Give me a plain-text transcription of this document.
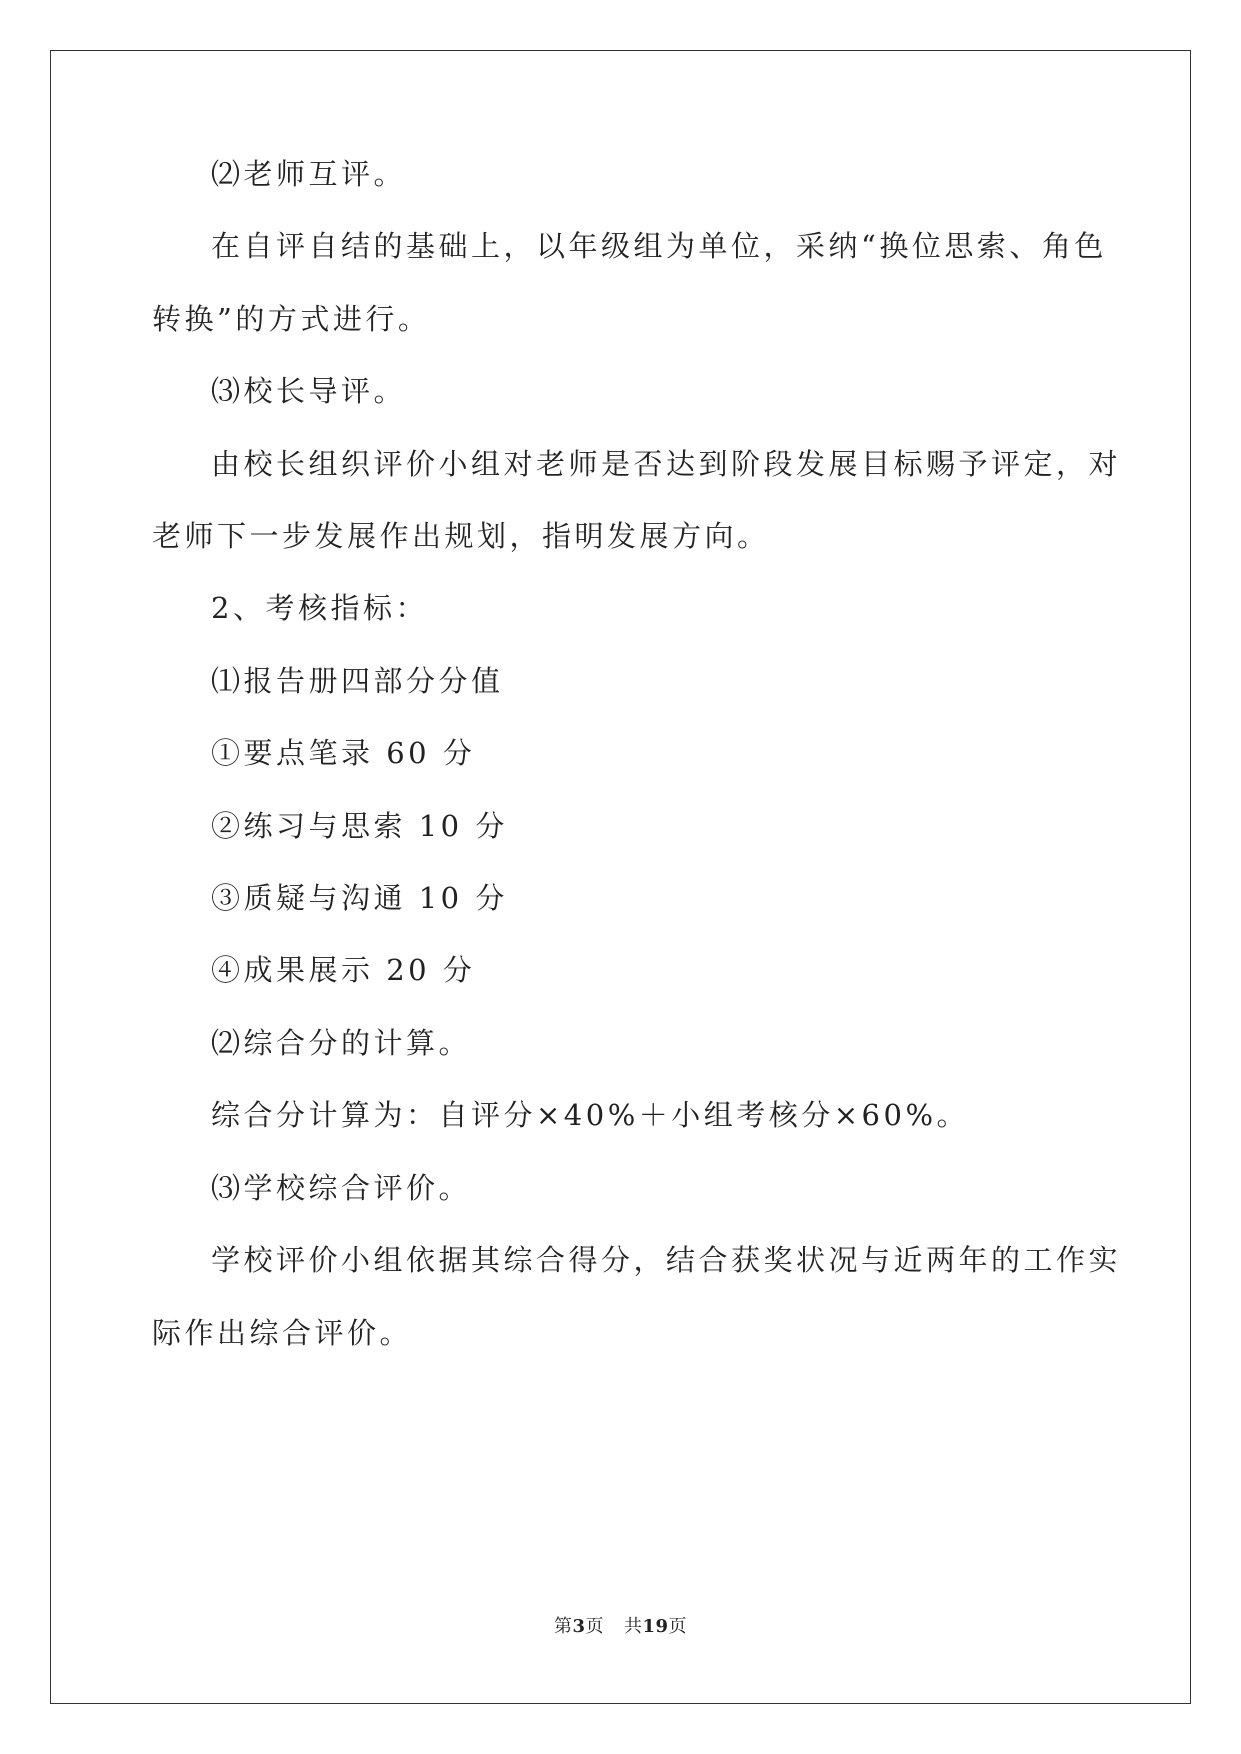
⑵老师互评。

在自评自结的基础上，以年级组为单位，采纳“换位思索、角色

转换”的方式进行。

⑶校长导评。

由校长组织评价小组对老师是否达到阶段发展目标赐予评定，对

老师下一步发展作出规划，指明发展方向。

2、考核指标：

⑴报告册四部分分值

①要点笔录 60 分

②练习与思索 10 分

③质疑与沟通 10 分

④成果展示 20 分

⑵综合分的计算。

综合分计算为：自评分×40%＋小组考核分×60%。

⑶学校综合评价。

学校评价小组依据其综合得分，结合获奖状况与近两年的工作实

际作出综合评价。

第3页 共19页
